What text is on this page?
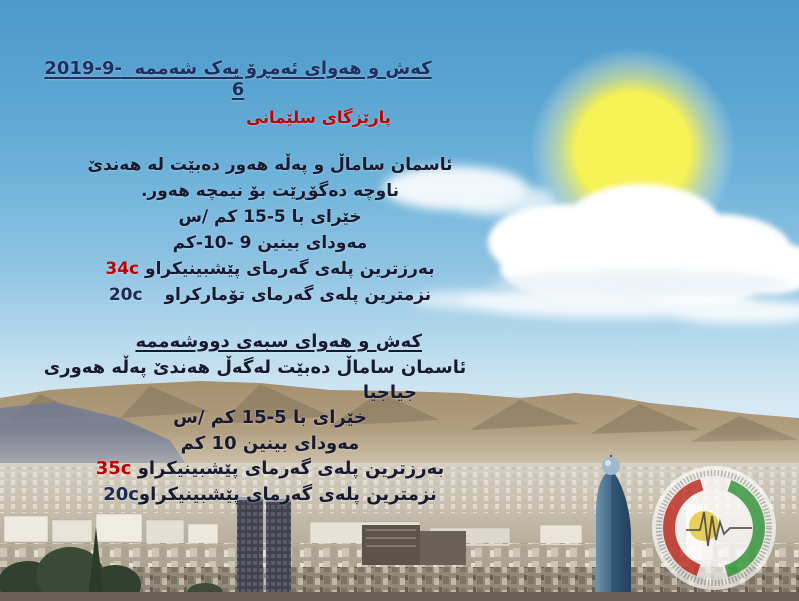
کەش و هەوای ئەمڕۆ یەک شەممە  2019-9-6
پارێزگای سلێمانی
ئاسمان ساماڵ و پەڵە هەور دەبێت لە هەندێ
ناوچە دەگۆڕێت بۆ نیمچە هەور.
خێرای با 15-5 کم /س
مەودای بینین 9 -10-کم
بەرزترین پلەی گەرمای پێشبینیکراو 34c
نزمترین پلەی گەرمای تۆمارکراو 20c
کەش و هەوای سبەی دووشەممە
ئاسمان ساماڵ دەبێت لەگەڵ هەندێ پەڵە هەوری
جیاجیا
خێرای با 15-5 کم /س
مەودای بینین 10 کم
بەرزترین پلەی گەرمای پێشبینیکراو 35c
نزمترین پلەی گەرمای پێشبینیکراو20c
